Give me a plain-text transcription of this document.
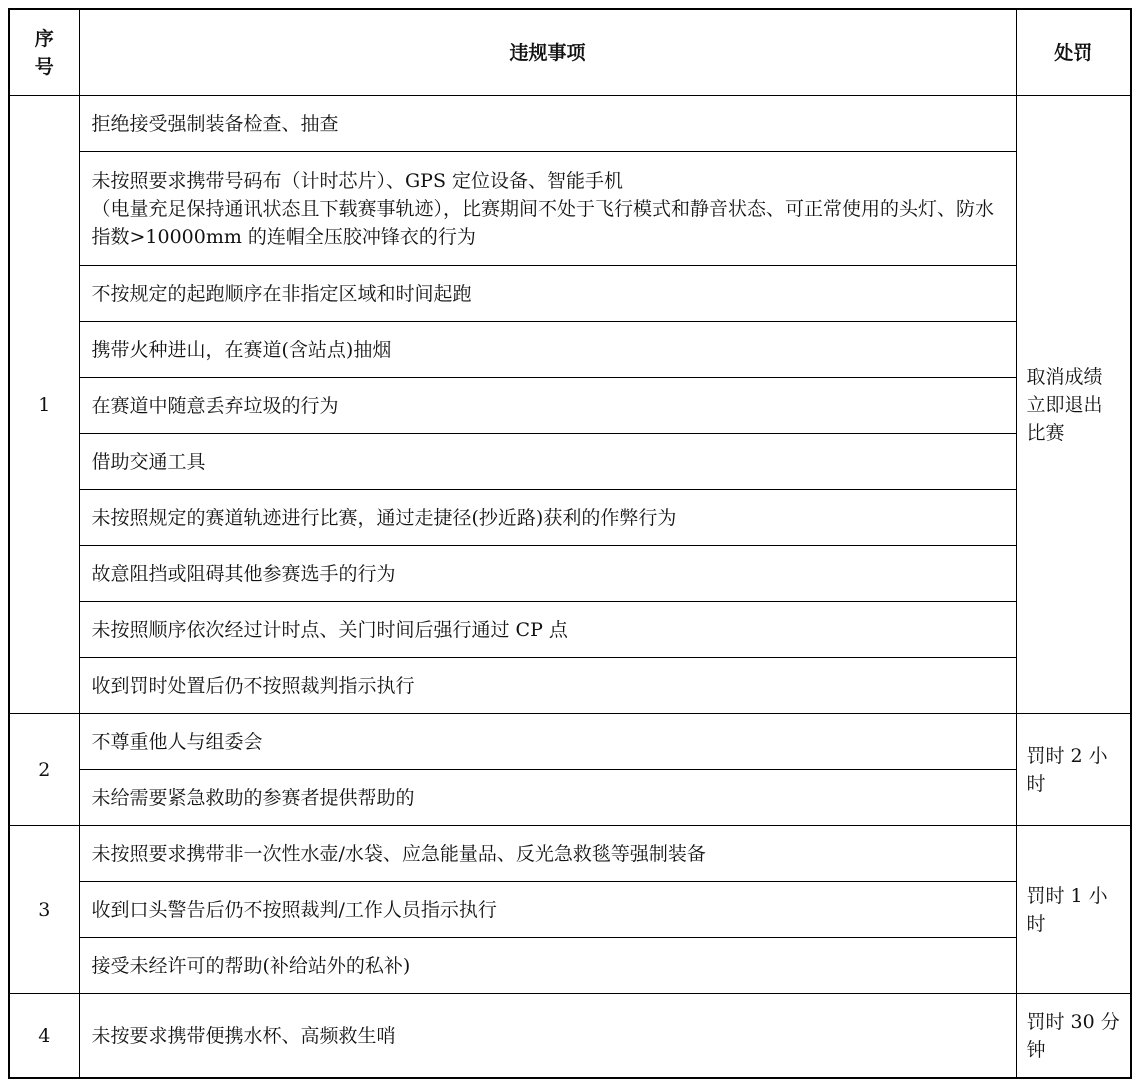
序
号	违规事项	处罚
1	拒绝接受强制装备检查、抽查	取消成绩立即退出比赛

	未按照要求携带号码布（计时芯片）、GPS 定位设备、智能手机
（电量充足保持通讯状态且下载赛事轨迹），比赛期间不处于飞行模式和静音状态、可正常使用的头灯、防水指数>10000mm 的连帽全压胶冲锋衣的行为	

	不按规定的起跑顺序在非指定区域和时间起跑	
	携带火种进山，在赛道(含站点)抽烟	
	在赛道中随意丢弃垃圾的行为	
	借助交通工具	
	未按照规定的赛道轨迹进行比赛，通过走捷径(抄近路)获利的作弊行为	
	故意阻挡或阻碍其他参赛选手的行为	
	未按照顺序依次经过计时点、关门时间后强行通过 CP 点	
	收到罚时处置后仍不按照裁判指示执行	
2	不尊重他人与组委会	罚时 2 小时
	未给需要紧急救助的参赛者提供帮助的	
3	未按照要求携带非一次性水壶/水袋、应急能量品、反光急救毯等强制装备	罚时 1 小时
	收到口头警告后仍不按照裁判/工作人员指示执行	
	接受未经许可的帮助(补给站外的私补)	
4	未按要求携带便携水杯、高频救生哨	罚时 30 分钟
